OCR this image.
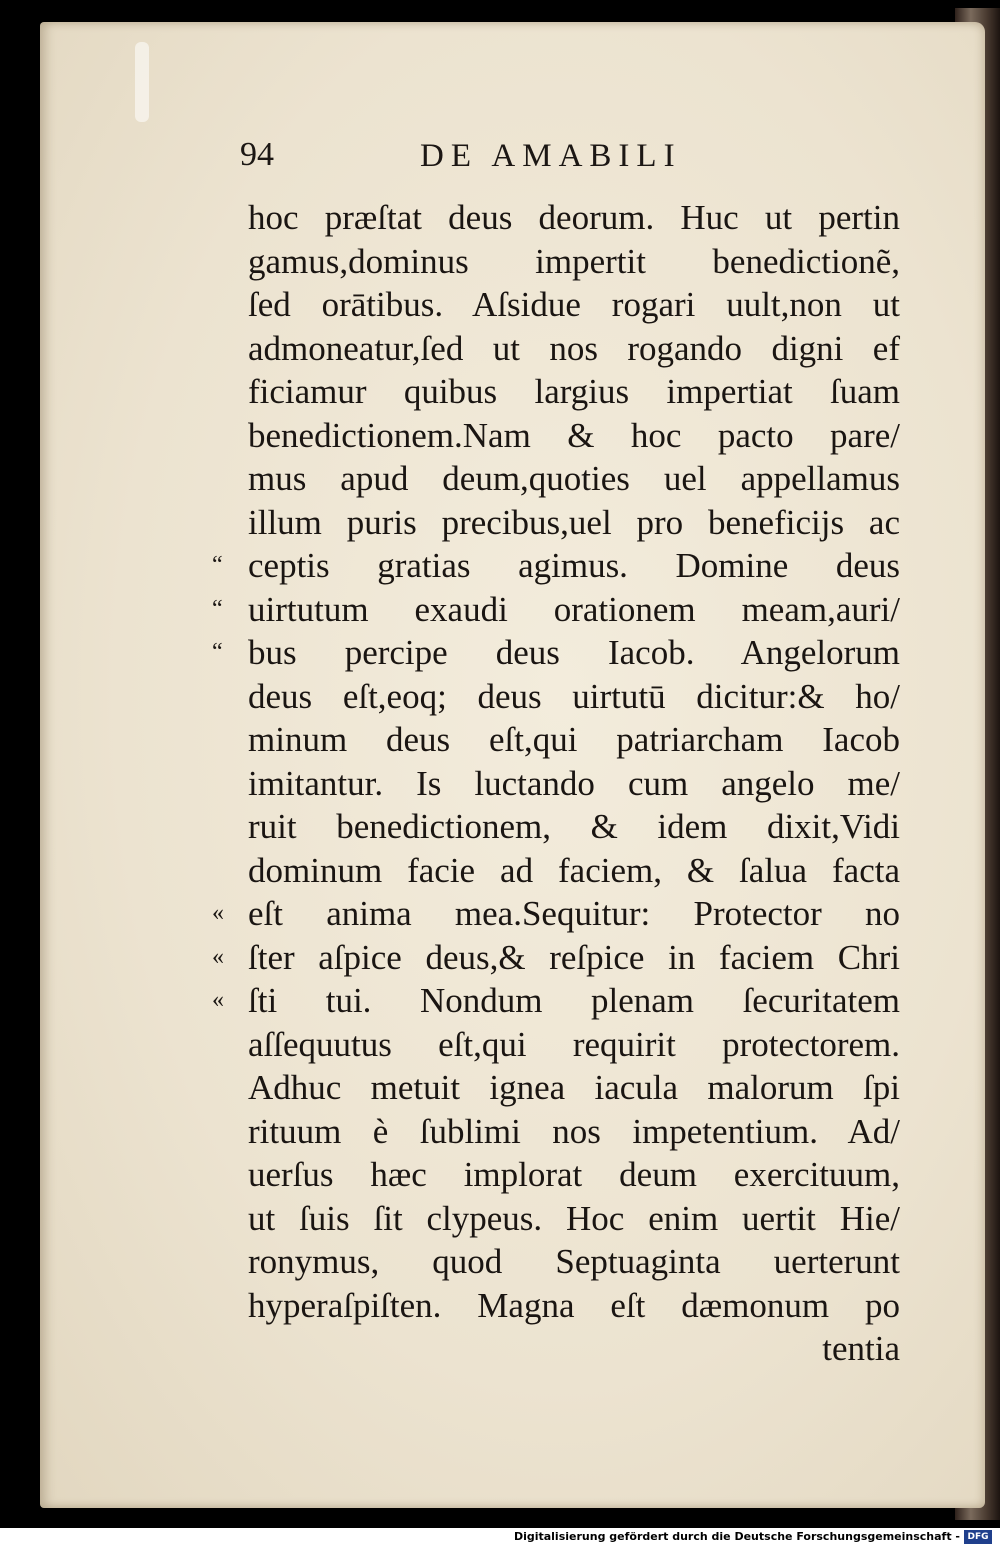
94	DE AMABILI
hoc præſtat deus deorum. Huc ut pertin
gamus,dominus impertit benedictionẽ,
ſed orātibus. Aſsidue rogari uult,non ut
admoneatur,ſed ut nos rogando digni ef
ficiamur quibus largius impertiat ſuam
benedictionem.Nam & hoc pacto pare/
mus apud deum,quoties uel appellamus
illum puris precibus,uel pro beneficijs ac
“ ceptis gratias agimus. Domine deus
“ uirtutum exaudi orationem meam,auri/
“ bus percipe deus Iacob. Angelorum
deus eſt,eoq; deus uirtutū dicitur:& ho/
minum deus eſt,qui patriarcham Iacob
imitantur. Is luctando cum angelo me/
ruit benedictionem, & idem dixit,Vidi
dominum facie ad faciem, & ſalua facta
« eſt anima mea.Sequitur: Protector no
« ſter aſpice deus,& reſpice in faciem Chri
« ſti tui. Nondum plenam ſecuritatem
aſſequutus eſt,qui requirit protectorem.
Adhuc metuit ignea iacula malorum ſpi
rituum è ſublimi nos impetentium. Ad/
uerſus hæc implorat deum exercituum,
ut ſuis ſit clypeus. Hoc enim uertit Hie/
ronymus, quod Septuaginta uerterunt
hyperaſpiſten. Magna eſt dæmonum po
tentia
Digitalisierung gefördert durch die Deutsche Forschungsgemeinschaft - DFG
